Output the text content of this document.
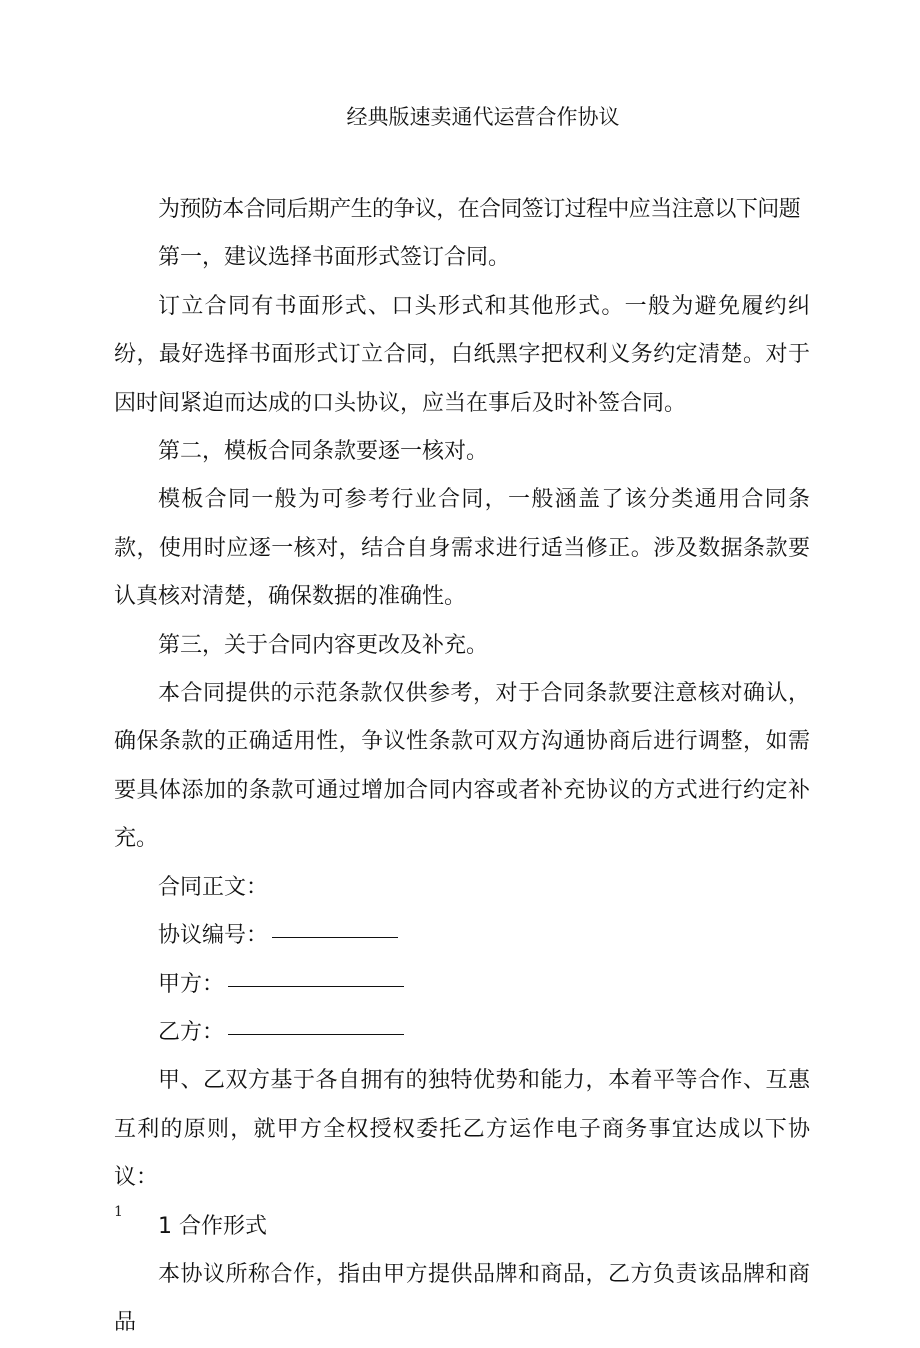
经典版速卖通代运营合作协议

为预防本合同后期产生的争议，在合同签订过程中应当注意以下问题

第一，建议选择书面形式签订合同。

订立合同有书面形式、口头形式和其他形式。一般为避免履约纠纷，最好选择书面形式订立合同，白纸黑字把权利义务约定清楚。对于因时间紧迫而达成的口头协议，应当在事后及时补签合同。

第二，模板合同条款要逐一核对。

模板合同一般为可参考行业合同，一般涵盖了该分类通用合同条款，使用时应逐一核对，结合自身需求进行适当修正。涉及数据条款要认真核对清楚，确保数据的准确性。

第三，关于合同内容更改及补充。

本合同提供的示范条款仅供参考，对于合同条款要注意核对确认，确保条款的正确适用性，争议性条款可双方沟通协商后进行调整，如需要具体添加的条款可通过增加合同内容或者补充协议的方式进行约定补充。

合同正文：

协议编号：
甲方：
乙方：

甲、乙双方基于各自拥有的独特优势和能力，本着平等合作、互惠互利的原则，就甲方全权授权委托乙方运作电子商务事宜达成以下协议：

1 合作形式

本协议所称合作，指由甲方提供品牌和商品，乙方负责该品牌和商品

1
